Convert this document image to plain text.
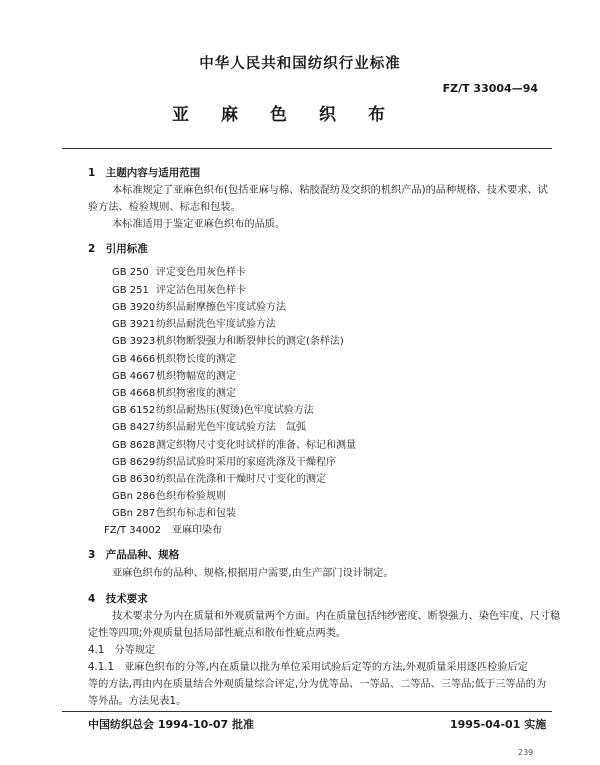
中华人民共和国纺织行业标准
FZ/T 33004—94
亚 麻 色 织 布
1　主题内容与适用范围
本标准规定了亚麻色织布(包括亚麻与棉、粘胶混纺及交织的机织产品)的品种规格、技术要求、试
验方法、检验规则、标志和包装。
本标准适用于鉴定亚麻色织布的品质。
2　引用标准
GB 250 评定变色用灰色样卡
GB 251 评定沾色用灰色样卡
GB 3920纺织品耐摩擦色牢度试验方法
GB 3921纺织品耐洗色牢度试验方法
GB 3923机织物断裂强力和断裂伸长的测定(条样法)
GB 4666机织物长度的测定
GB 4667机织物幅宽的测定
GB 4668机织物密度的测定
GB 6152纺织品耐热压(熨烫)色牢度试验方法
GB 8427纺织品耐光色牢度试验方法　氙弧
GB 8628测定织物尺寸变化时试样的准备、标记和测量
GB 8629纺织品试验时采用的家庭洗涤及干燥程序
GB 8630纺织品在洗涤和干燥时尺寸变化的测定
GBn 286色织布检验规则
GBn 287色织布标志和包装
FZ/T 34002 亚麻印染布
3　产品品种、规格
亚麻色织布的品种、规格,根据用户需要,由生产部门设计制定。
4　技术要求
技术要求分为内在质量和外观质量两个方面。内在质量包括纬纱密度、断裂强力、染色牢度、尺寸稳
定性等四项;外观质量包括局部性疵点和散布性疵点两类。
4.1　分等规定
4.1.1　亚麻色织布的分等,内在质量以批为单位采用试验后定等的方法,外观质量采用逐匹检验后定
等的方法,再由内在质量结合外观质量综合评定,分为优等品、一等品、二等品、三等品;低于三等品的为
等外品。方法见表1。
中国纺织总会 1994-10-07 批准	1995-04-01 实施
239
